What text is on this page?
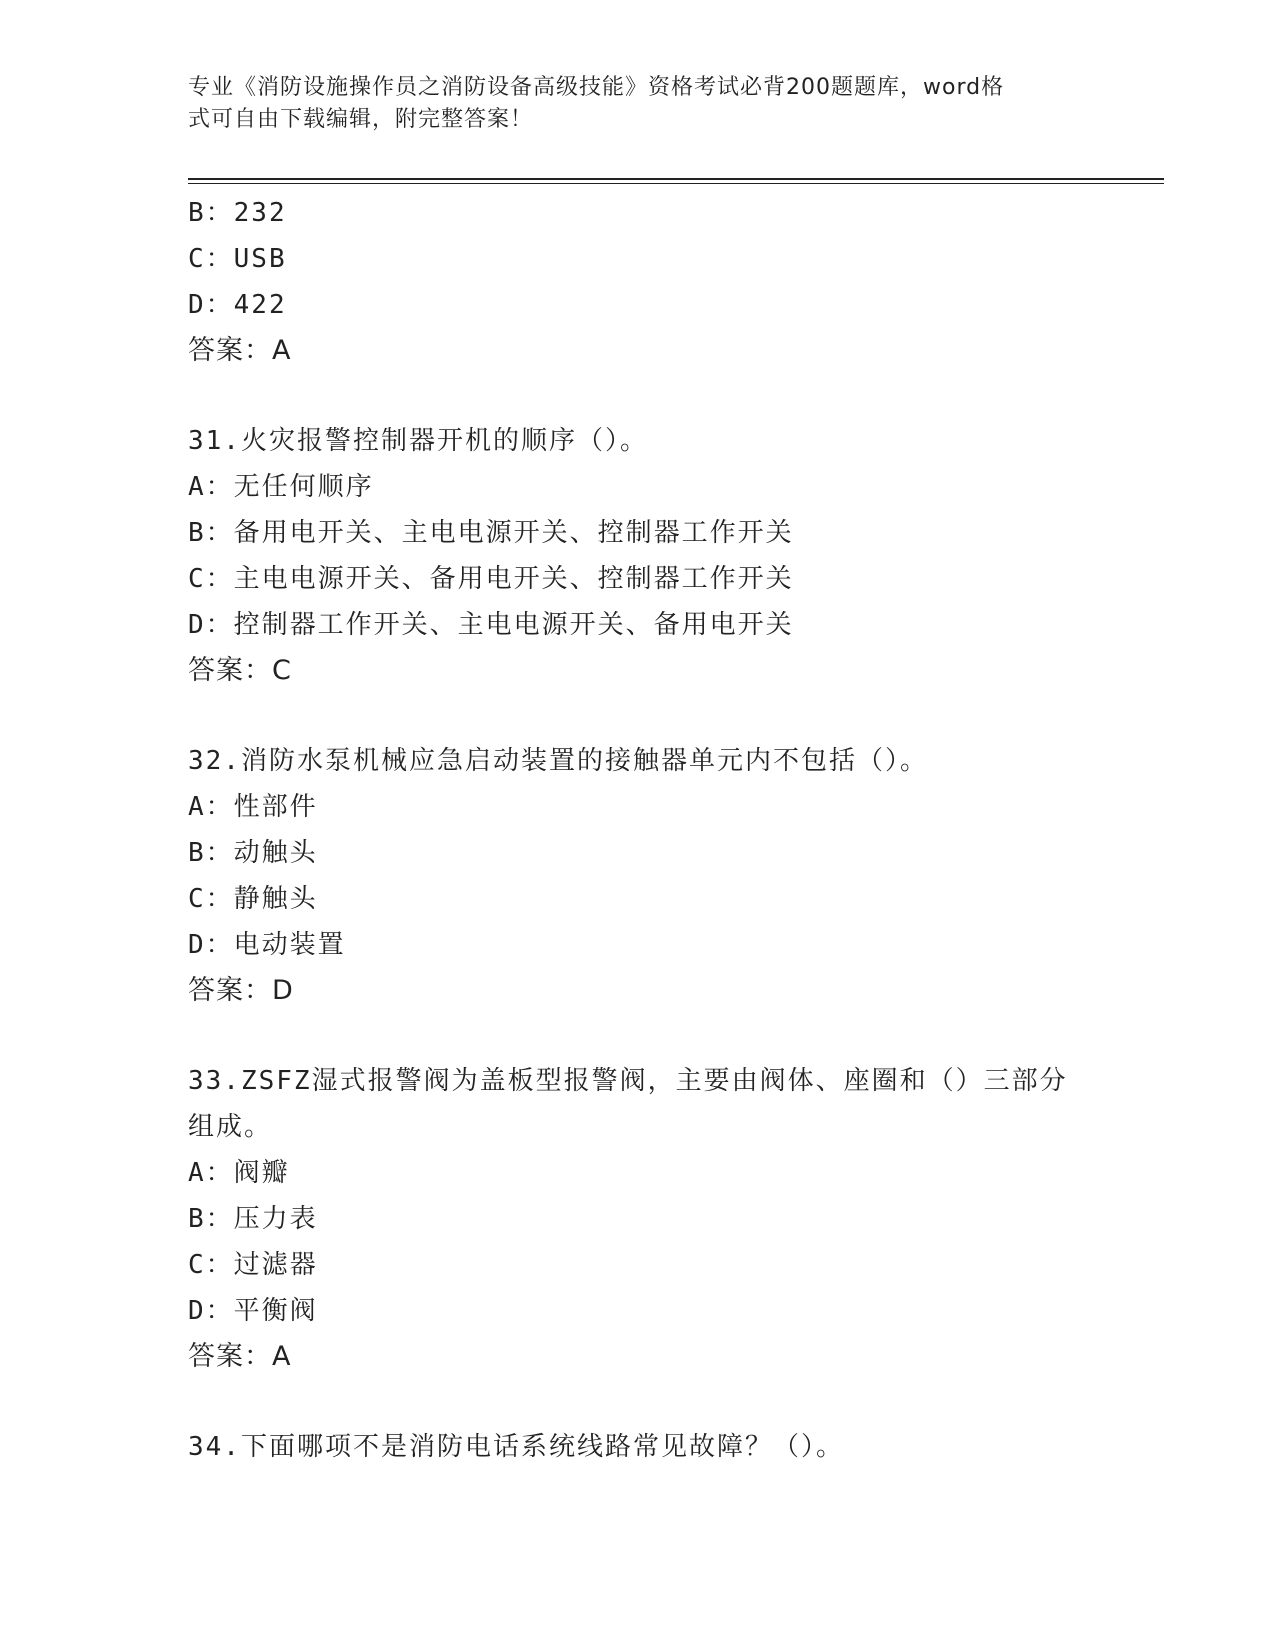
专业《消防设施操作员之消防设备高级技能》资格考试必背200题题库，word格
式可自由下载编辑，附完整答案！
B：232
C：USB
D：422
答案：A
31.火灾报警控制器开机的顺序（）。
A：无任何顺序
B：备用电开关、主电电源开关、控制器工作开关
C：主电电源开关、备用电开关、控制器工作开关
D：控制器工作开关、主电电源开关、备用电开关
答案：C
32.消防水泵机械应急启动装置的接触器单元内不包括（）。
A：性部件
B：动触头
C：静触头
D：电动装置
答案：D
33.ZSFZ湿式报警阀为盖板型报警阀，主要由阀体、座圈和（）三部分
组成。
A：阀瓣
B：压力表
C：过滤器
D：平衡阀
答案：A
34.下面哪项不是消防电话系统线路常见故障？（）。
